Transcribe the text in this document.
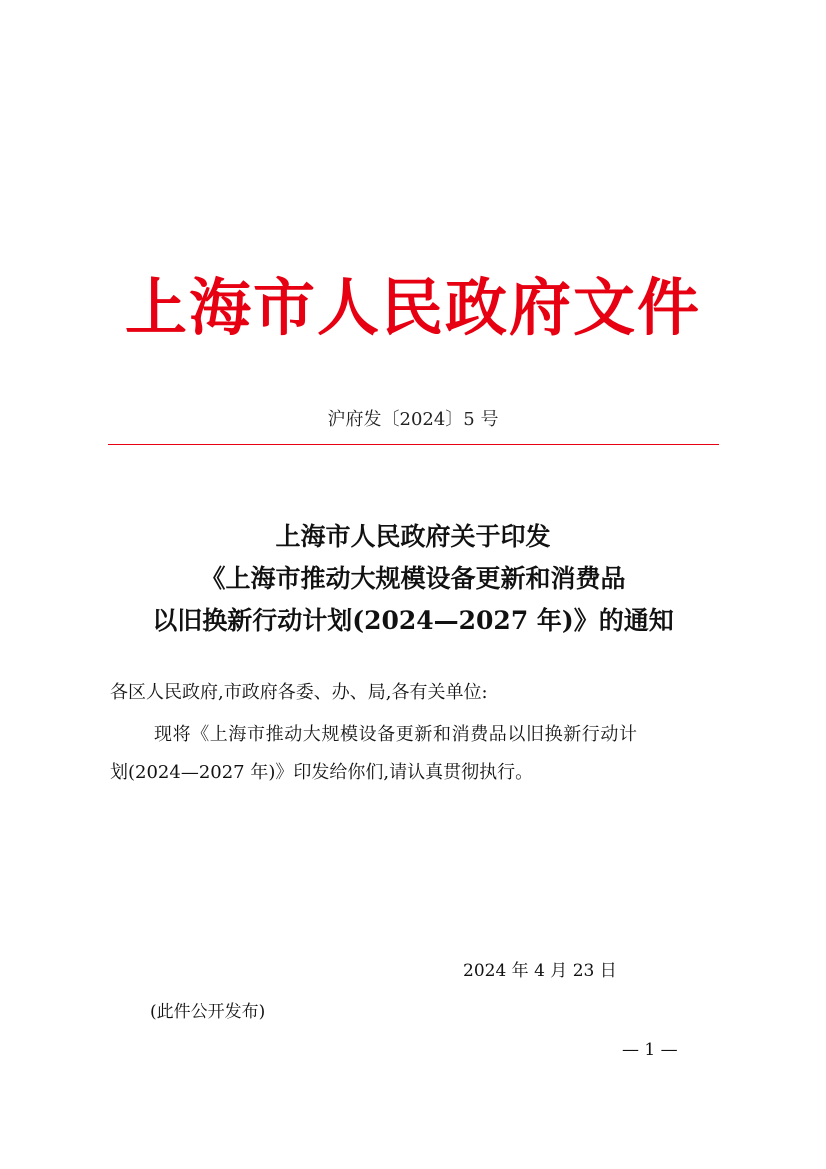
上海市人民政府文件
沪府发〔2024〕5 号
上海市人民政府关于印发
《上海市推动大规模设备更新和消费品
以旧换新行动计划(2024—2027 年)》的通知
各区人民政府,市政府各委、办、局,各有关单位:
现将《上海市推动大规模设备更新和消费品以旧换新行动计
划(2024—2027 年)》印发给你们,请认真贯彻执行。
2024 年 4 月 23 日
(此件公开发布)
— 1 —
